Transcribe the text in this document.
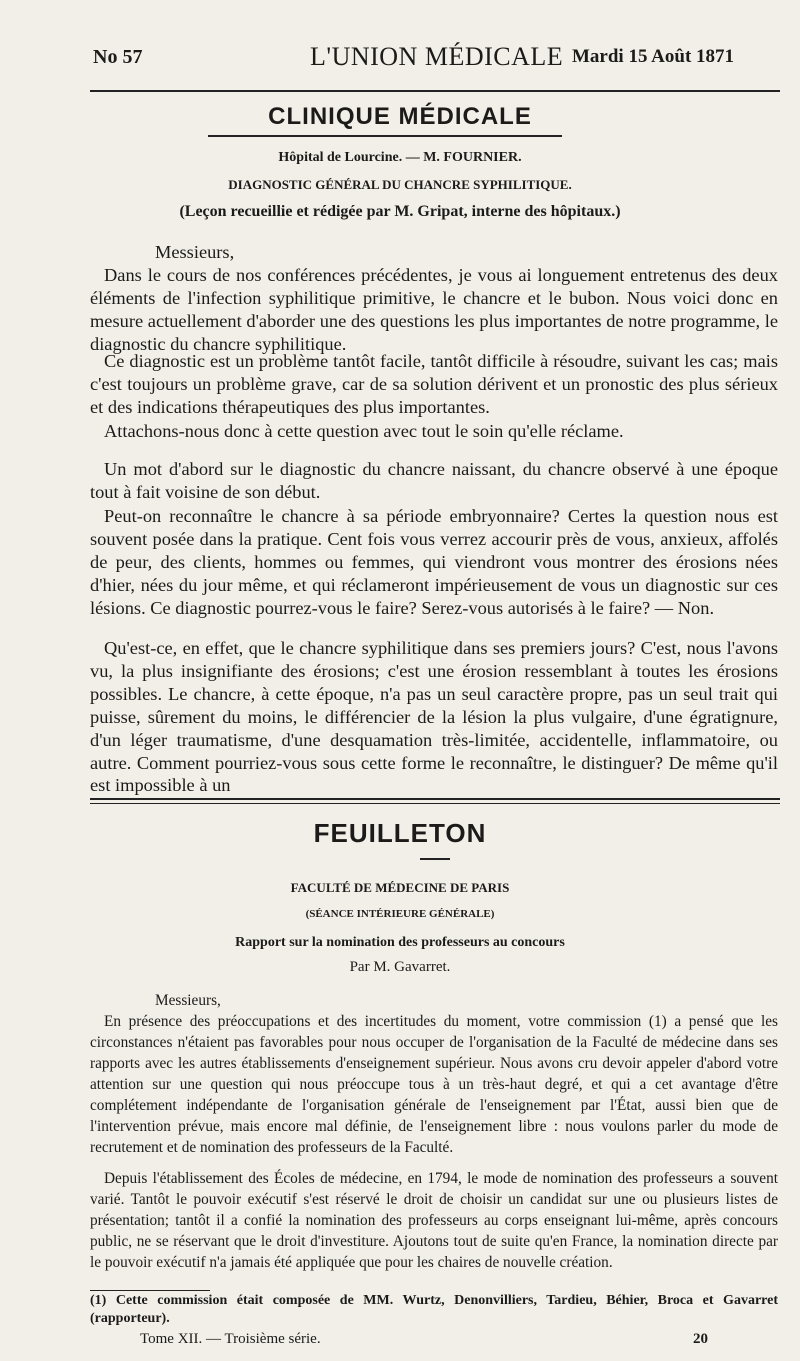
No 57	L'UNION MÉDICALE Mardi 15 Août 1871
CLINIQUE MÉDICALE
Hôpital de Lourcine. — M. FOURNIER.
DIAGNOSTIC GÉNÉRAL DU CHANCRE SYPHILITIQUE.
(Leçon recueillie et rédigée par M. Gripat, interne des hôpitaux.)
Messieurs,
Dans le cours de nos conférences précédentes, je vous ai longuement entretenus des deux éléments de l'infection syphilitique primitive, le chancre et le bubon. Nous voici donc en mesure actuellement d'aborder une des questions les plus importantes de notre programme, le diagnostic du chancre syphilitique.
Ce diagnostic est un problème tantôt facile, tantôt difficile à résoudre, suivant les cas; mais c'est toujours un problème grave, car de sa solution dérivent et un pronostic des plus sérieux et des indications thérapeutiques des plus importantes.
Attachons-nous donc à cette question avec tout le soin qu'elle réclame.
Un mot d'abord sur le diagnostic du chancre naissant, du chancre observé à une époque tout à fait voisine de son début.
Peut-on reconnaître le chancre à sa période embryonnaire? Certes la question nous est souvent posée dans la pratique. Cent fois vous verrez accourir près de vous, anxieux, affolés de peur, des clients, hommes ou femmes, qui viendront vous montrer des érosions nées d'hier, nées du jour même, et qui réclameront impérieusement de vous un diagnostic sur ces lésions. Ce diagnostic pourrez-vous le faire? Serez-vous autorisés à le faire? — Non.
Qu'est-ce, en effet, que le chancre syphilitique dans ses premiers jours? C'est, nous l'avons vu, la plus insignifiante des érosions; c'est une érosion ressemblant à toutes les érosions possibles. Le chancre, à cette époque, n'a pas un seul caractère propre, pas un seul trait qui puisse, sûrement du moins, le différencier de la lésion la plus vulgaire, d'une égratignure, d'un léger traumatisme, d'une desquamation très-limitée, accidentelle, inflammatoire, ou autre. Comment pourriez-vous sous cette forme le reconnaître, le distinguer? De même qu'il est impossible à un
FEUILLETON
FACULTÉ DE MÉDECINE DE PARIS
(SÉANCE INTÉRIEURE GÉNÉRALE)
Rapport sur la nomination des professeurs au concours
Par M. Gavarret.
Messieurs,
En présence des préoccupations et des incertitudes du moment, votre commission (1) a pensé que les circonstances n'étaient pas favorables pour nous occuper de l'organisation de la Faculté de médecine dans ses rapports avec les autres établissements d'enseignement supérieur. Nous avons cru devoir appeler d'abord votre attention sur une question qui nous préoccupe tous à un très-haut degré, et qui a cet avantage d'être complétement indépendante de l'organisation générale de l'enseignement par l'État, aussi bien que de l'intervention prévue, mais encore mal définie, de l'enseignement libre : nous voulons parler du mode de recrutement et de nomination des professeurs de la Faculté.
Depuis l'établissement des Écoles de médecine, en 1794, le mode de nomination des professeurs a souvent varié. Tantôt le pouvoir exécutif s'est réservé le droit de choisir un candidat sur une ou plusieurs listes de présentation; tantôt il a confié la nomination des professeurs au corps enseignant lui-même, après concours public, ne se réservant que le droit d'investiture. Ajoutons tout de suite qu'en France, la nomination directe par le pouvoir exécutif n'a jamais été appliquée que pour les chaires de nouvelle création.
(1) Cette commission était composée de MM. Wurtz, Denonvilliers, Tardieu, Béhier, Broca et Gavarret (rapporteur).
Tome XII. — Troisième série.	20
